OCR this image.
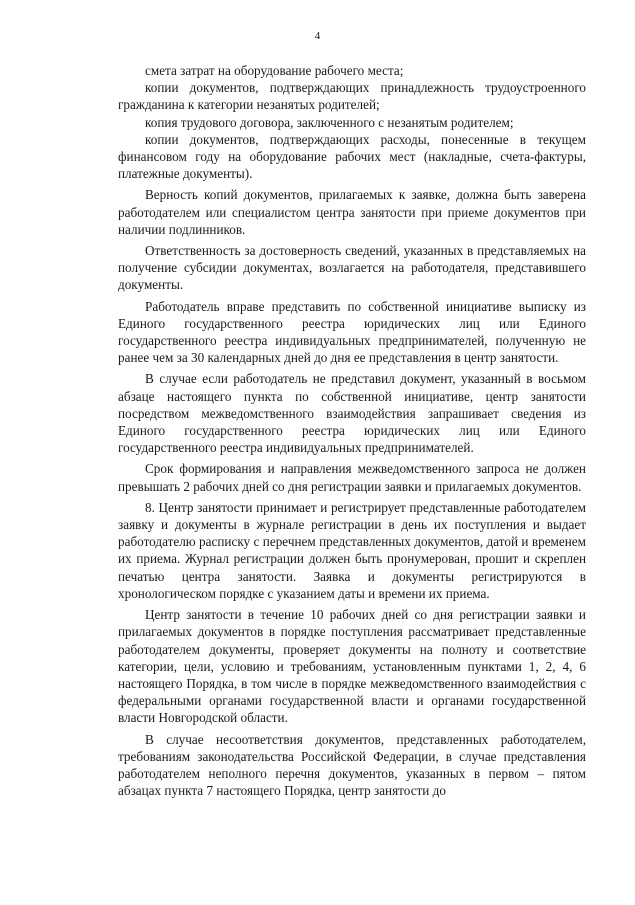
4

смета затрат на оборудование рабочего места;

копии документов, подтверждающих принадлежность трудоустроенного гражданина к категории незанятых родителей;

копия трудового договора, заключенного с незанятым родителем;

копии документов, подтверждающих расходы, понесенные в текущем финансовом году на оборудование рабочих мест (накладные, счета-фактуры, платежные документы).

Верность копий документов, прилагаемых к заявке, должна быть заверена работодателем или специалистом центра занятости при приеме документов при наличии подлинников.

Ответственность за достоверность сведений, указанных в представляемых на получение субсидии документах, возлагается на работодателя, представившего документы.

Работодатель вправе представить по собственной инициативе выписку из Единого государственного реестра юридических лиц или Единого государственного реестра индивидуальных предпринимателей, полученную не ранее чем за 30 календарных дней до дня ее представления в центр занятости.

В случае если работодатель не представил документ, указанный в восьмом абзаце настоящего пункта по собственной инициативе, центр занятости посредством межведомственного взаимодействия запрашивает сведения из Единого государственного реестра юридических лиц или Единого государственного реестра индивидуальных предпринимателей.

Срок формирования и направления межведомственного запроса не должен превышать 2 рабочих дней со дня регистрации заявки и прилагаемых документов.

8. Центр занятости принимает и регистрирует представленные работодателем заявку и документы в журнале регистрации в день их поступления и выдает работодателю расписку с перечнем представленных документов, датой и временем их приема. Журнал регистрации должен быть пронумерован, прошит и скреплен печатью центра занятости. Заявка и документы регистрируются в хронологическом порядке с указанием даты и времени их приема.

Центр занятости в течение 10 рабочих дней со дня регистрации заявки и прилагаемых документов в порядке поступления рассматривает представленные работодателем документы, проверяет документы на полноту и соответствие категории, цели, условию и требованиям, установленным пунктами 1, 2, 4, 6 настоящего Порядка, в том числе в порядке межведомственного взаимодействия с федеральными органами государственной власти и органами государственной власти Новгородской области.

В случае несоответствия документов, представленных работодателем, требованиям законодательства Российской Федерации, в случае представления работодателем неполного перечня документов, указанных в первом – пятом абзацах пункта 7 настоящего Порядка, центр занятости до
